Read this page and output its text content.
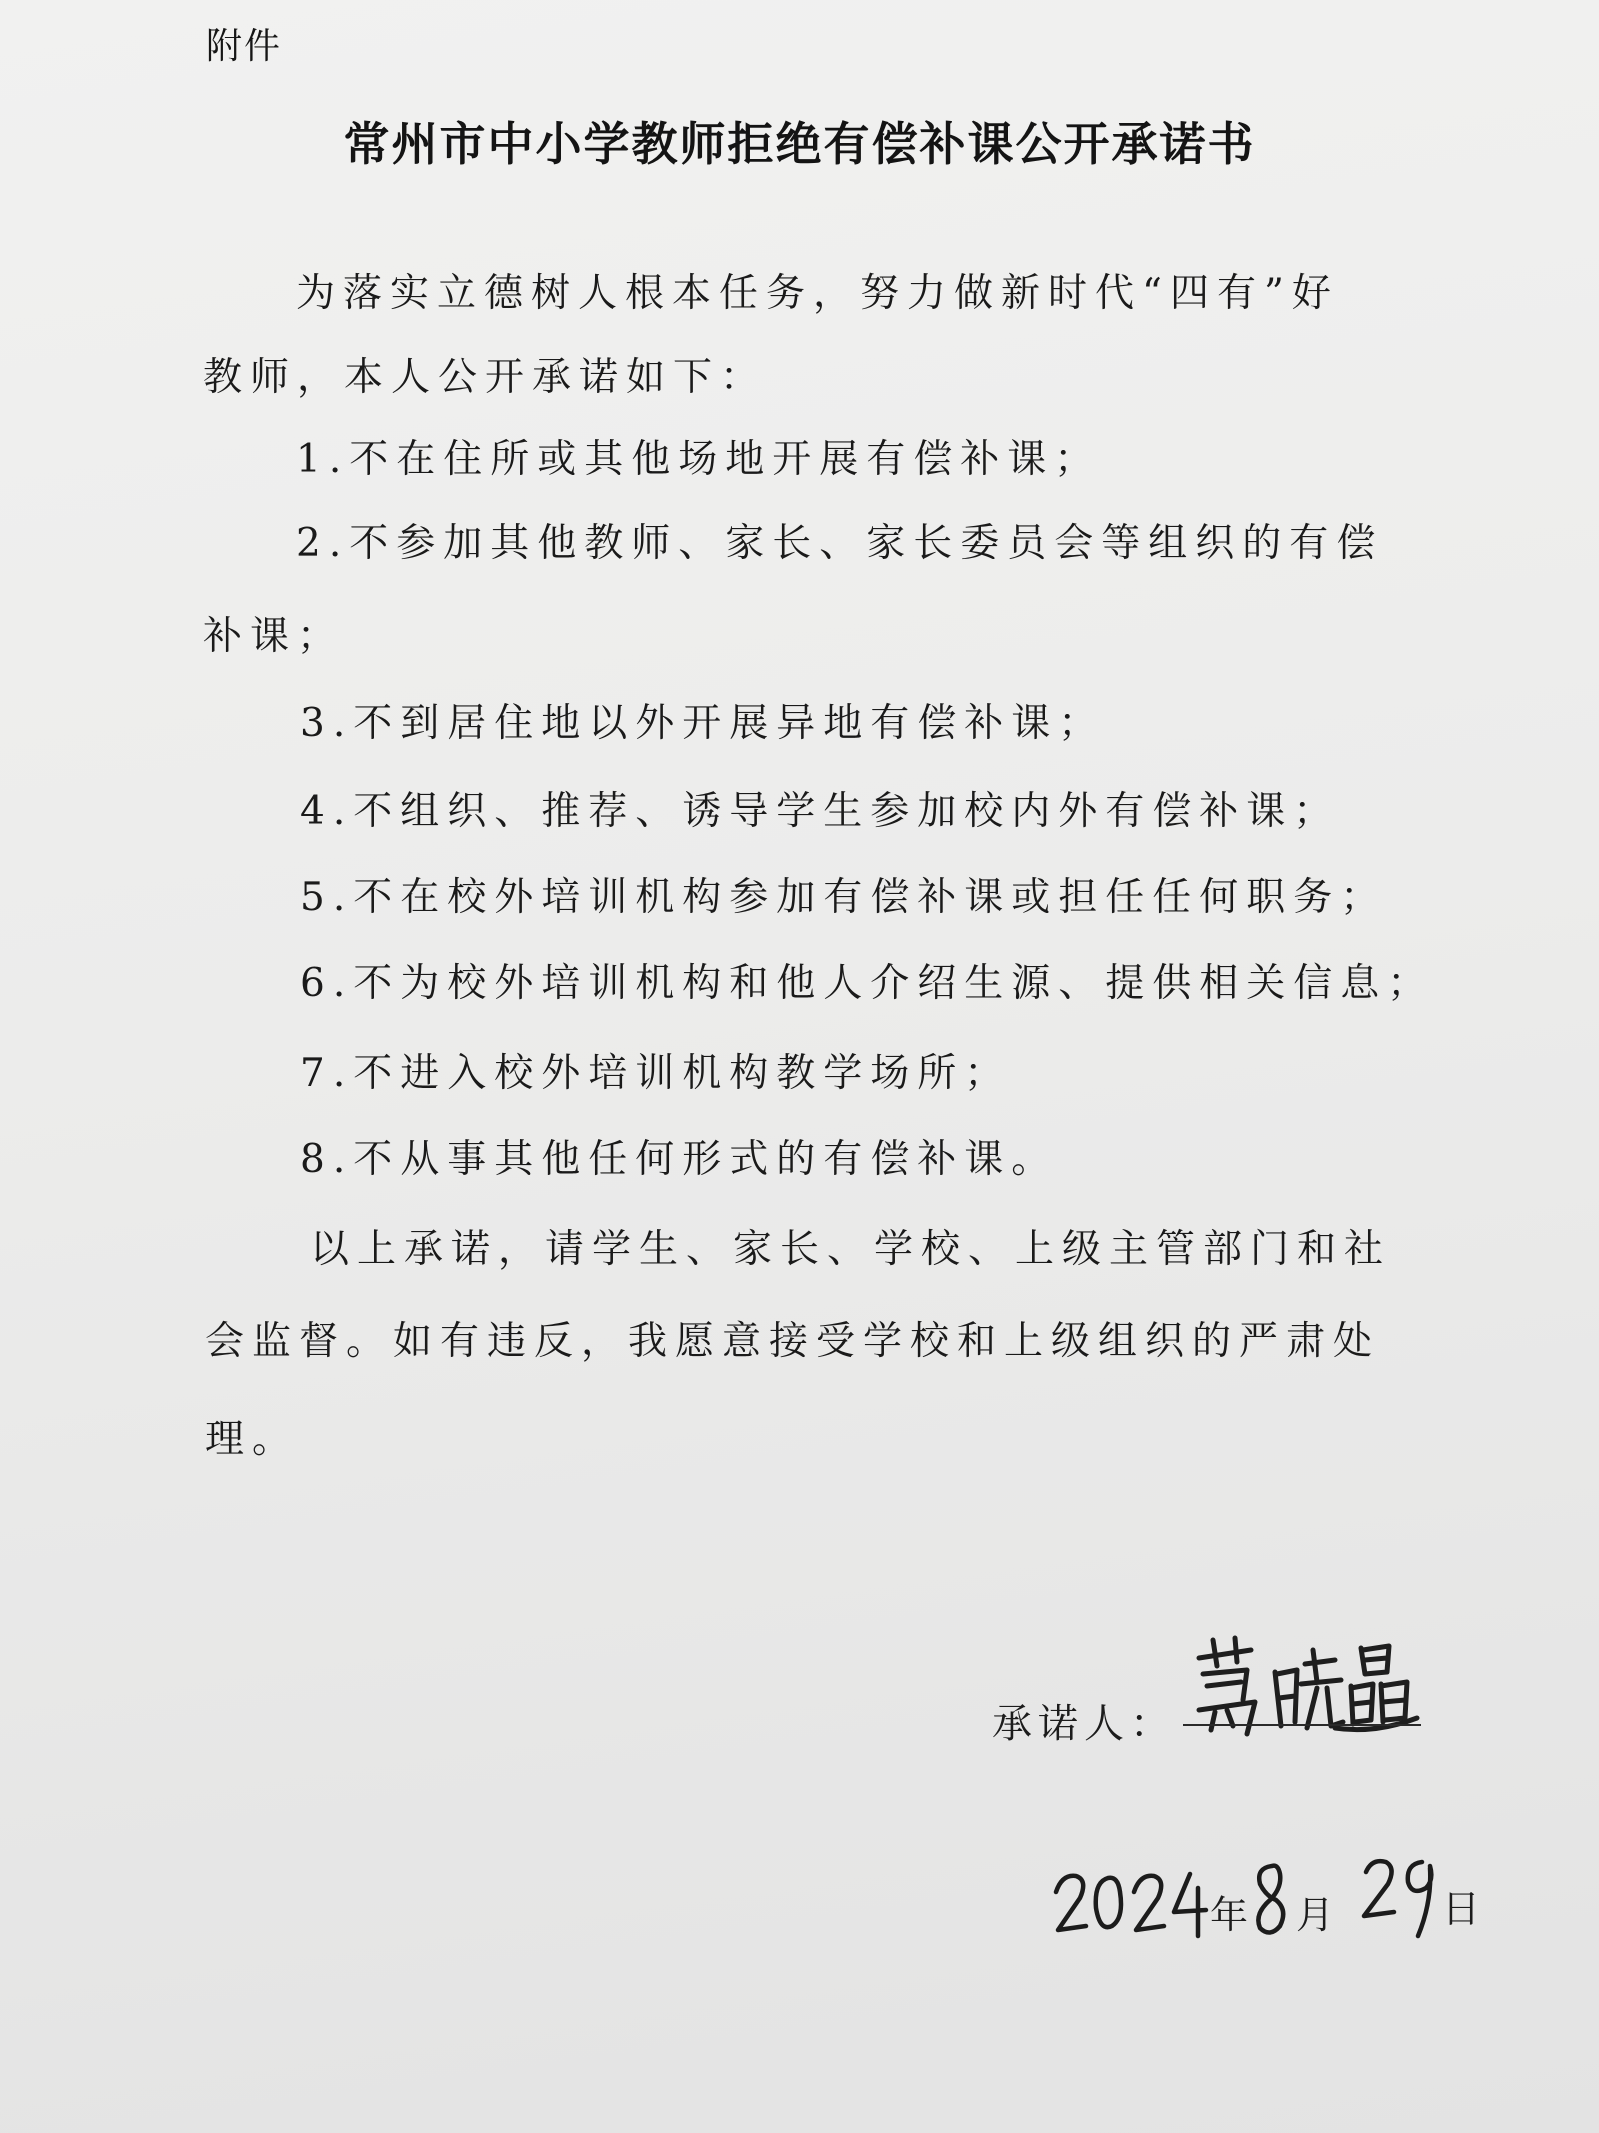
附件
常州市中小学教师拒绝有偿补课公开承诺书
为落实立德树人根本任务，努力做新时代“四有”好
教师，本人公开承诺如下：
1.不在住所或其他场地开展有偿补课；
2.不参加其他教师、家长、家长委员会等组织的有偿
补课；
3.不到居住地以外开展异地有偿补课；
4.不组织、推荐、诱导学生参加校内外有偿补课；
5.不在校外培训机构参加有偿补课或担任任何职务；
6.不为校外培训机构和他人介绍生源、提供相关信息；
7.不进入校外培训机构教学场所；
8.不从事其他任何形式的有偿补课。
以上承诺，请学生、家长、学校、上级主管部门和社
会监督。如有违反，我愿意接受学校和上级组织的严肃处
理。
承诺人：
年 月	日
